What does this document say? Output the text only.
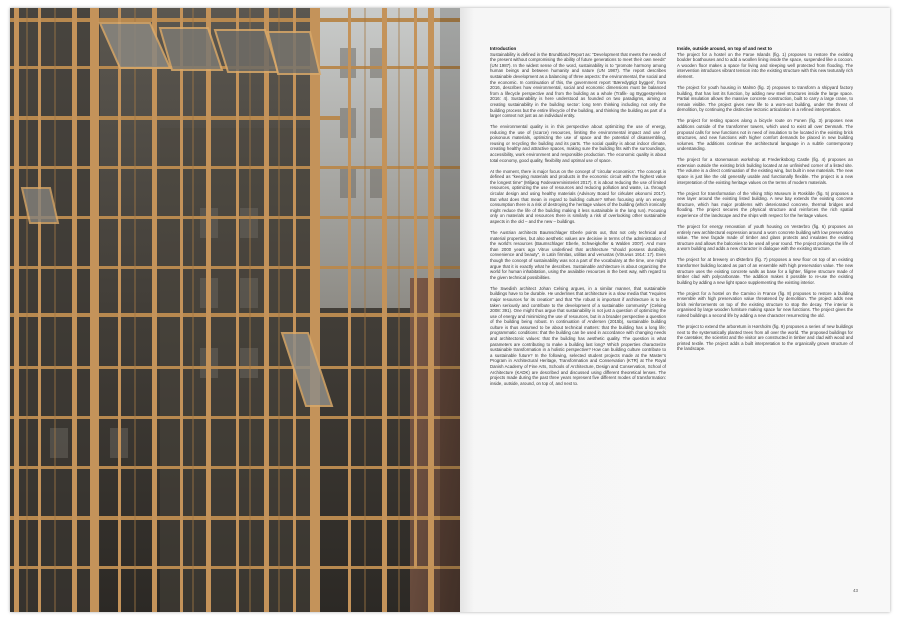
Introduction

Sustainability is defined in the Brundtland Report as: “Development that meets the needs of the present without compromising the ability of future generations to meet their own needs” (UN 1987). In the widest sense of the word, sustainability is to “promote harmony among human beings and between humanity and nature (UN 1987). The report describes sustainable development as a balancing of three aspects: the environmental, the social and the economic. In continuation of this, the government report ‘Bæredygtigt byggeri’, from 2016, describes how environmental, social and economic dimensions must be balanced from a lifecycle perspective and from the building as a whole (Trafik- og Byggestyrelsen 2016: 4). Sustainability is here understood as founded on two paradigms, aiming at creating sustainability in the building sector: long term thinking including not only the building process but the entire lifecycle of the building, and thinking the building as part of a larger context not just as an individual entity.

The environmental quality is in this perspective about optimizing the use of energy, reducing the use of (scarce) resources, limiting the environmental impact and use of poisonous materials, optimizing the use of space and the potential of disassembling, reusing or recycling the building and its parts. The social quality is about indoor climate, creating healthy and attractive spaces, making sure the building fits with the surroundings, accessibility, work environment and responsible production. The economic quality is about total economy, good quality, flexibility and optimal use of space.

At the moment, there is major focus on the concept of ‘circular economics’. The concept is defined as “keeping materials and products in the economic circuit with the highest value the longest time” (Miljøog Fødevareministeriet 2017). It is about reducing the use of limited resources, optimizing the use of resources and reducing pollution and waste, i.a. through circular design and using healthy materials (Advisory Board for cirkulær økonomi 2017). But what does that mean in regard to building culture? When focusing only on energy consumption there is a risk of destroying the heritage values of the building (which ironically might reduce the life of the building making it less sustainable in the long run). Focusing only on materials and resources there is similarly a risk of overlooking other sustainable aspects in the old – and the new – buildings.

The Austrian architects Baumschlager Eberle points out, that not only technical and material properties, but also aesthetic values are decisive in terms of the administration of the world’s resources (Baumschlager Eberle, Schweigkofler & Walden 2007). And more than 2000 years ago Vitruv underlined that architecture “should possess durability, convenience and beauty”, in Latin firmitas, utilitas and venustas (Vitruvius 1914: 17). Even though the concept of sustainability was not a part of the vocabulary at the time, one might argue that it is exactly what he describes. Sustainable architecture is about organizing the world for human inhabitation, using the available resources in the best way, with regard to the given technical possibilities.

The Swedish architect Johan Celsing argues, in a similar manner, that sustainable buildings have to be durable. He underlines that architecture is a slow media that “requires major resources for its creation” and that “the robust is important if architecture is to be taken seriously and contribute to the development of a sustainable community” (Celsing 2008: 391). One might thus argue that sustainability is not just a question of optimizing the use of energy and minimizing the use of resources, but in a broader perspective a question of the building being robust. In continuation of Andersen (2015b), sustainable building culture is thus assumed to be about technical matters: that the building has a long life; programmatic conditions: that the building can be used in accordance with changing needs and architectonic values: that the building has aesthetic quality. The question is what parameters are contributing to make a building last long? Which properties characterize sustainable transformation in a holistic perspective? How can building culture contribute to a sustainable future? In the following, selected student projects made at the Master’s Program in Architectural Heritage, Transformation and Conservation (KTR) at The Royal Danish Academy of Fine Arts, Schools of Architecture, Design and Conservation, School of Architecture (KADK) are described and discussed using different theoretical lenses. The projects made during the past three years represent five different modes of transformation: inside, outside, around, on top of, and next to.

Inside, outside around, on top of and next to

The project for a hostel on the Faroe Islands (fig. 1) proposes to restore the existing boulder boathouses and to add a woollen lining inside the space, suspended like a cocoon. A wooden floor makes a space for living and sleeping well protected from flooding. The intervention introduces vibrant tension into the existing structure with this new texturally rich element.

The project for youth housing in Malmö (fig. 2) proposes to transform a shipyard factory building, that has lost its function, by adding new steel structures inside the large space. Partial insulation allows the massive concrete construction, built to carry a large crane, to remain visible. The project gives new life to a worn-out building, under the threat of demolition, by continuing the distinctive tectonic articulation in a refined interpretation.

The project for resting spaces along a bicycle route on Funen (fig. 3) proposes new additions outside of the transformer towers, which used to exist all over Denmark. The proposal calls for new functions not in need of insulation to be located in the existing brick structures, and new functions with higher comfort demands be placed in new building volumes. The additions continue the architectural language in a subtle contemporary understanding.

The project for a stonemason workshop at Frederiksborg Castle (fig. 4) proposes an extension outside the existing brick building located at an unfinished corner of a listed site. The volume is a direct continuation of the existing wing, but built in new materials. The new space is just like the old generally usable and functionally flexible. The project is a new interpretation of the existing heritage values on the terms of modern materials.

The project for transformation of the Viking Ship Museum in Roskilde (fig. 5) proposes a new layer around the existing listed building. A new bay extends the existing concrete structure, which has major problems with deteriorated concrete, thermal bridges and flooding. The project secures the physical structure and reinforces the rich spatial experience of the landscape and the ships with respect for the heritage values.

The project for energy renovation of youth housing on Vesterbro (fig. 6) proposes an entirely new architectural expression around a worn concrete building with low preservation value. The new façade made of timber and glass protects and insulates the existing structure and allows the balconies to be used all year round. The project prolongs the life of a worn building and adds a new character in dialogue with the existing structure.

The project for at brewery on Østerbro (fig. 7) proposes a new floor on top of an existing transformer building located as part of an ensemble with high preservation value. The new structure uses the existing concrete walls as base for a lighter, filigree structure made of timber clad with polycarbonate. The addition makes it possible to re-use the existing building by adding a new light space supplementing the existing interior.

The project for a hostel on the Camino in France (fig. 8) proposes to restore a building ensemble with high preservation value threatened by demolition. The project adds new brick reinforcements on top of the existing structure to stop the decay. The interior is organised by large wooden furniture making space for new functions. The project gives the ruined buildings a second life by adding a new character resurrecting the old.

The project to extend the arboretum in Hørsholm (fig. 9) proposes a series of new buildings next to the systematically planted trees from all over the world. The proposed buildings for the caretaker, the scientist and the visitor are constructed in timber and clad with wood and printed textile. The project adds a built interpretation to the organically grown structure of the landscape.

43
